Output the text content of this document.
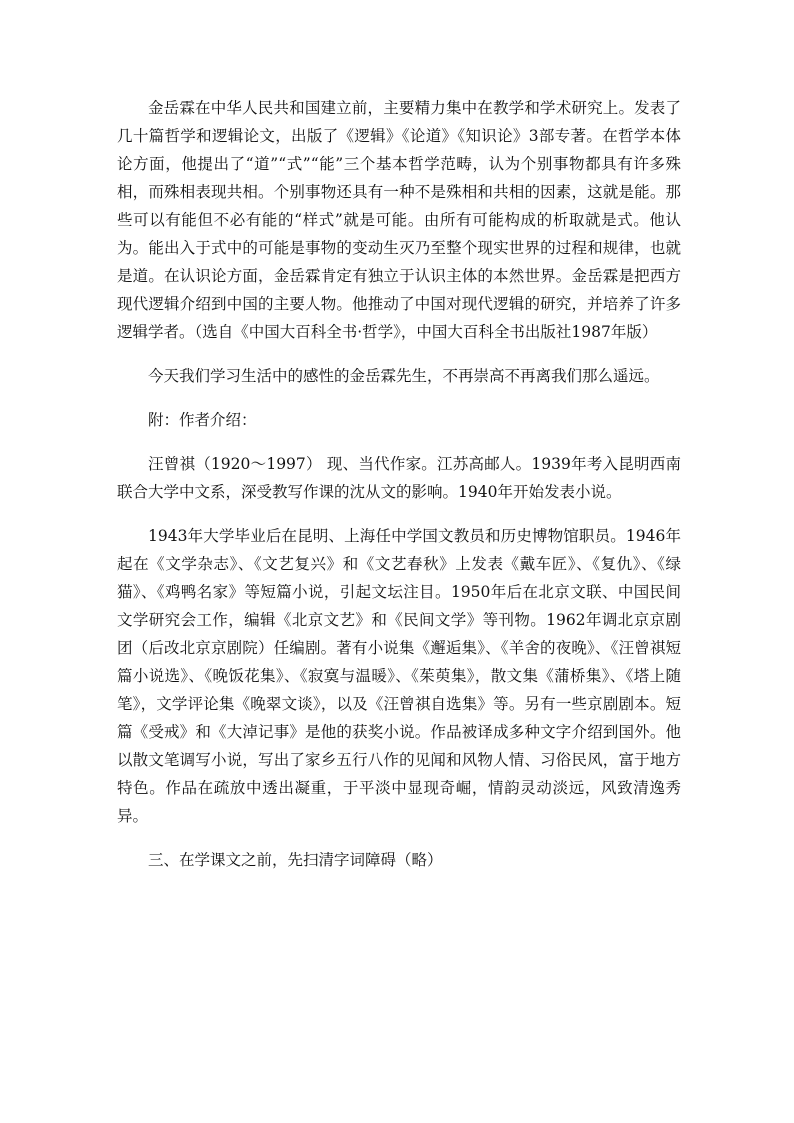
金岳霖在中华人民共和国建立前，主要精力集中在教学和学术研究上。发表了几十篇哲学和逻辑论文，出版了《逻辑》《论道》《知识论》3部专著。在哲学本体论方面，他提出了“道”“式”“能”三个基本哲学范畴，认为个别事物都具有许多殊相，而殊相表现共相。个别事物还具有一种不是殊相和共相的因素，这就是能。那些可以有能但不必有能的“样式”就是可能。由所有可能构成的析取就是式。他认为。能出入于式中的可能是事物的变动生灭乃至整个现实世界的过程和规律，也就是道。在认识论方面，金岳霖肯定有独立于认识主体的本然世界。金岳霖是把西方现代逻辑介绍到中国的主要人物。他推动了中国对现代逻辑的研究，并培养了许多逻辑学者。（选自《中国大百科全书·哲学》，中国大百科全书出版社1987年版）

今天我们学习生活中的感性的金岳霖先生，不再崇高不再离我们那么遥远。

附：作者介绍：

汪曾祺（1920～1997） 现、当代作家。江苏高邮人。1939年考入昆明西南联合大学中文系，深受教写作课的沈从文的影响。1940年开始发表小说。

1943年大学毕业后在昆明、上海任中学国文教员和历史博物馆职员。1946年起在《文学杂志》、《文艺复兴》和《文艺春秋》上发表《戴车匠》、《复仇》、《绿猫》、《鸡鸭名家》等短篇小说，引起文坛注目。1950年后在北京文联、中国民间文学研究会工作，编辑《北京文艺》和《民间文学》等刊物。1962年调北京京剧团（后改北京京剧院）任编剧。著有小说集《邂逅集》、《羊舍的夜晚》、《汪曾祺短篇小说选》、《晚饭花集》、《寂寞与温暖》、《茱萸集》，散文集《蒲桥集》、《塔上随笔》，文学评论集《晚翠文谈》，以及《汪曾祺自选集》等。另有一些京剧剧本。短篇《受戒》和《大淖记事》是他的获奖小说。作品被译成多种文字介绍到国外。他以散文笔调写小说，写出了家乡五行八作的见闻和风物人情、习俗民风，富于地方特色。作品在疏放中透出凝重，于平淡中显现奇崛，情韵灵动淡远，风致清逸秀异。

三、在学课文之前，先扫清字词障碍（略）
